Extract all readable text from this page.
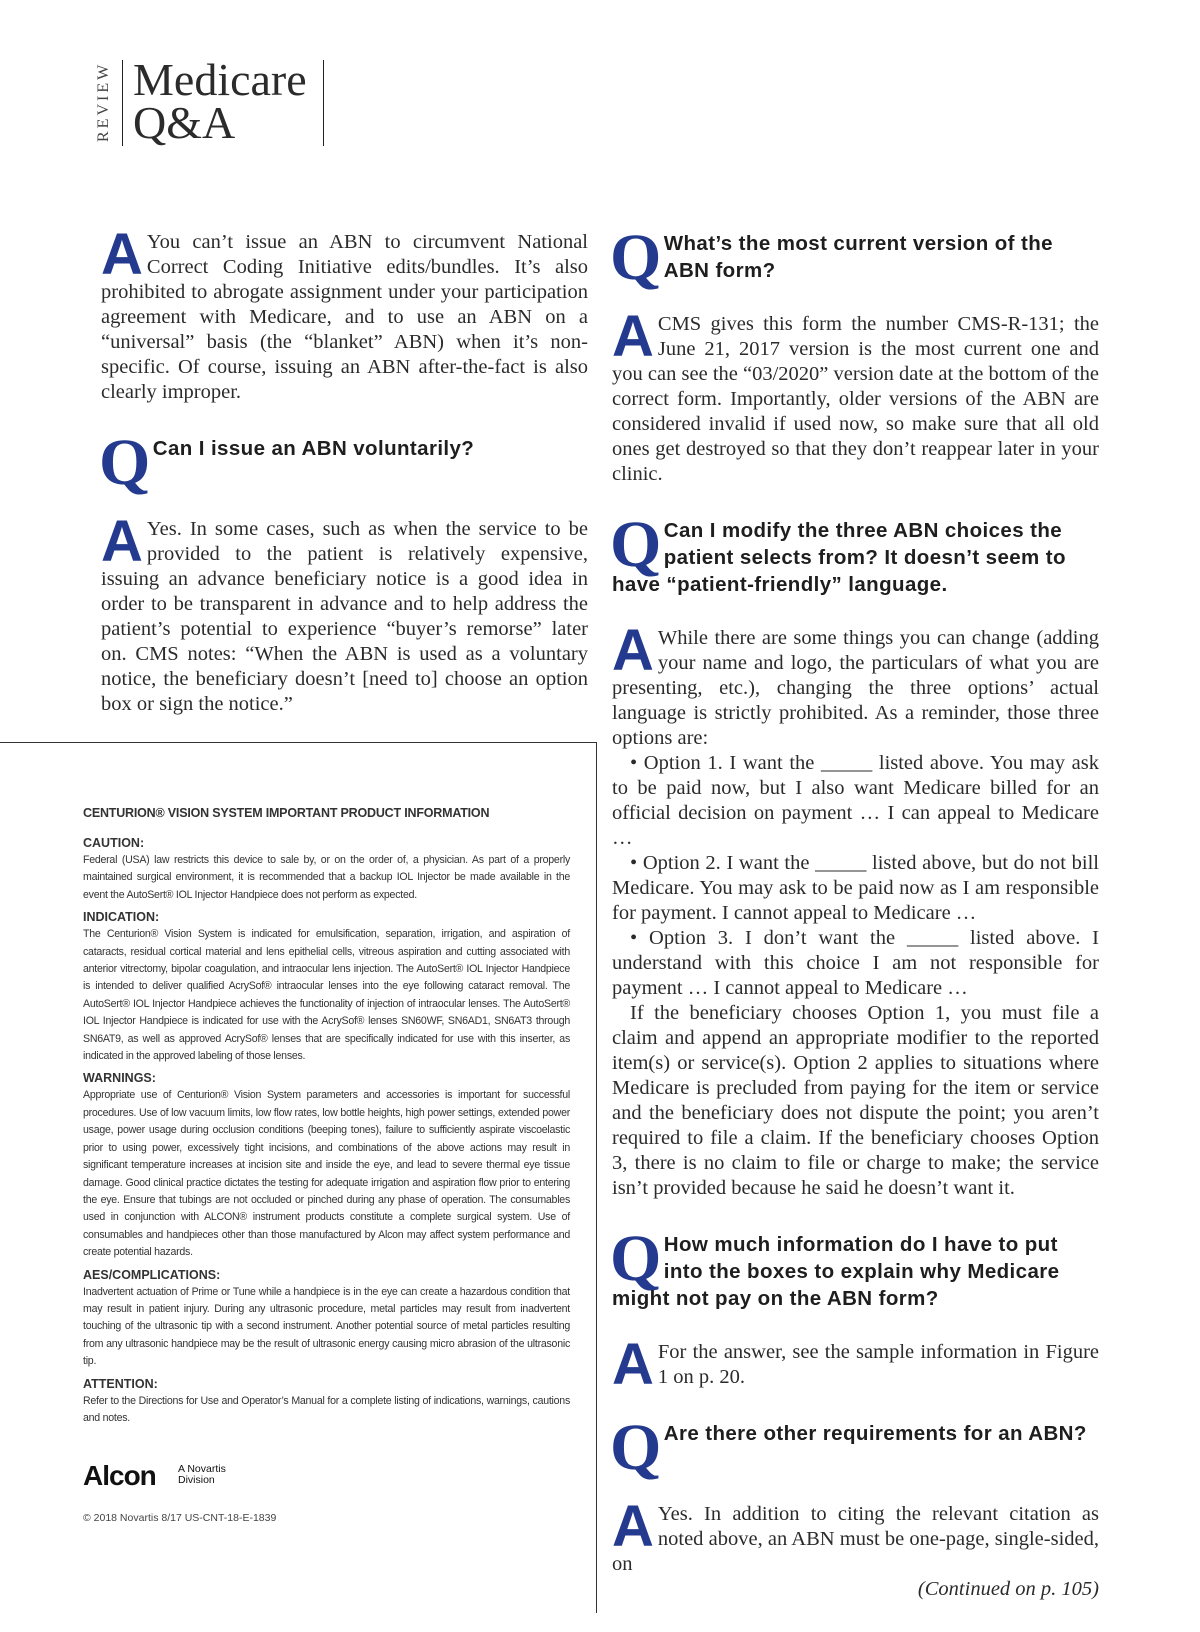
REVIEW Medicare
Q&A
A You can’t issue an ABN to circumvent National Correct Coding Initiative edits/bundles. It’s also prohibited to abrogate assignment under your participation agreement with Medicare, and to use an ABN on a “universal” basis (the “blanket” ABN) when it’s non-specific. Of course, issuing an ABN after-the-fact is also clearly improper.
Q Can I issue an ABN voluntarily?
A Yes. In some cases, such as when the service to be provided to the patient is relatively expensive, issuing an advance beneficiary notice is a good idea in order to be transparent in advance and to help address the patient’s potential to experience “buyer’s remorse” later on. CMS notes: “When the ABN is used as a voluntary notice, the beneficiary doesn’t [need to] choose an option box or sign the notice.”
CENTURION® VISION SYSTEM IMPORTANT PRODUCT INFORMATION
CAUTION:
Federal (USA) law restricts this device to sale by, or on the order of, a physician. As part of a properly maintained surgical environment, it is recommended that a backup IOL Injector be made available in the event the AutoSert® IOL Injector Handpiece does not perform as expected.
INDICATION:
The Centurion® Vision System is indicated for emulsification, separation, irrigation, and aspiration of cataracts, residual cortical material and lens epithelial cells, vitreous aspiration and cutting associated with anterior vitrectomy, bipolar coagulation, and intraocular lens injection. The AutoSert® IOL Injector Handpiece is intended to deliver qualified AcrySof® intraocular lenses into the eye following cataract removal. The AutoSert® IOL Injector Handpiece achieves the functionality of injection of intraocular lenses. The AutoSert® IOL Injector Handpiece is indicated for use with the AcrySof® lenses SN60WF, SN6AD1, SN6AT3 through SN6AT9, as well as approved AcrySof® lenses that are specifically indicated for use with this inserter, as indicated in the approved labeling of those lenses.
WARNINGS:
Appropriate use of Centurion® Vision System parameters and accessories is important for successful procedures. Use of low vacuum limits, low flow rates, low bottle heights, high power settings, extended power usage, power usage during occlusion conditions (beeping tones), failure to sufficiently aspirate viscoelastic prior to using power, excessively tight incisions, and combinations of the above actions may result in significant temperature increases at incision site and inside the eye, and lead to severe thermal eye tissue damage. Good clinical practice dictates the testing for adequate irrigation and aspiration flow prior to entering the eye. Ensure that tubings are not occluded or pinched during any phase of operation. The consumables used in conjunction with ALCON® instrument products constitute a complete surgical system. Use of consumables and handpieces other than those manufactured by Alcon may affect system performance and create potential hazards.
AES/COMPLICATIONS:
Inadvertent actuation of Prime or Tune while a handpiece is in the eye can create a hazardous condition that may result in patient injury. During any ultrasonic procedure, metal particles may result from inadvertent touching of the ultrasonic tip with a second instrument. Another potential source of metal particles resulting from any ultrasonic handpiece may be the result of ultrasonic energy causing micro abrasion of the ultrasonic tip.
ATTENTION:
Refer to the Directions for Use and Operator’s Manual for a complete listing of indications, warnings, cautions and notes.
Alcon A Novartis
Division
© 2018 Novartis 8/17 US-CNT-18-E-1839
Q What’s the most current version of the ABN form?
ACMS gives this form the number CMS-R-131; the June 21, 2017 version is the most current one and you can see the “03/2020” version date at the bottom of the correct form. Importantly, older versions of the ABN are considered invalid if used now, so make sure that all old ones get destroyed so that they don’t reappear later in your clinic.
Q Can I modify the three ABN choices the patient selects from? It doesn’t seem to have “patient-friendly” language.
A While there are some things you can change (adding your name and logo, the particulars of what you are presenting, etc.), changing the three options’ actual language is strictly prohibited. As a reminder, those three options are:
• Option 1. I want the _____ listed above. You may ask to be paid now, but I also want Medicare billed for an official decision on payment … I can appeal to Medicare …
• Option 2. I want the _____ listed above, but do not bill Medicare. You may ask to be paid now as I am responsible for payment. I cannot appeal to Medicare …
• Option 3. I don’t want the _____ listed above. I understand with this choice I am not responsible for payment … I cannot appeal to Medicare …
If the beneficiary chooses Option 1, you must file a claim and append an appropriate modifier to the reported item(s) or service(s). Option 2 applies to situations where Medicare is precluded from paying for the item or service and the beneficiary does not dispute the point; you aren’t required to file a claim. If the beneficiary chooses Option 3, there is no claim to file or charge to make; the service isn’t provided because he said he doesn’t want it.
Q How much information do I have to put into the boxes to explain why Medicare might not pay on the ABN form?
A For the answer, see the sample information in Figure 1 on p. 20.
Q Are there other requirements for an ABN?
A Yes. In addition to citing the relevant citation as noted above, an ABN must be one-page, single-sided, on
(Continued on p. 105)
